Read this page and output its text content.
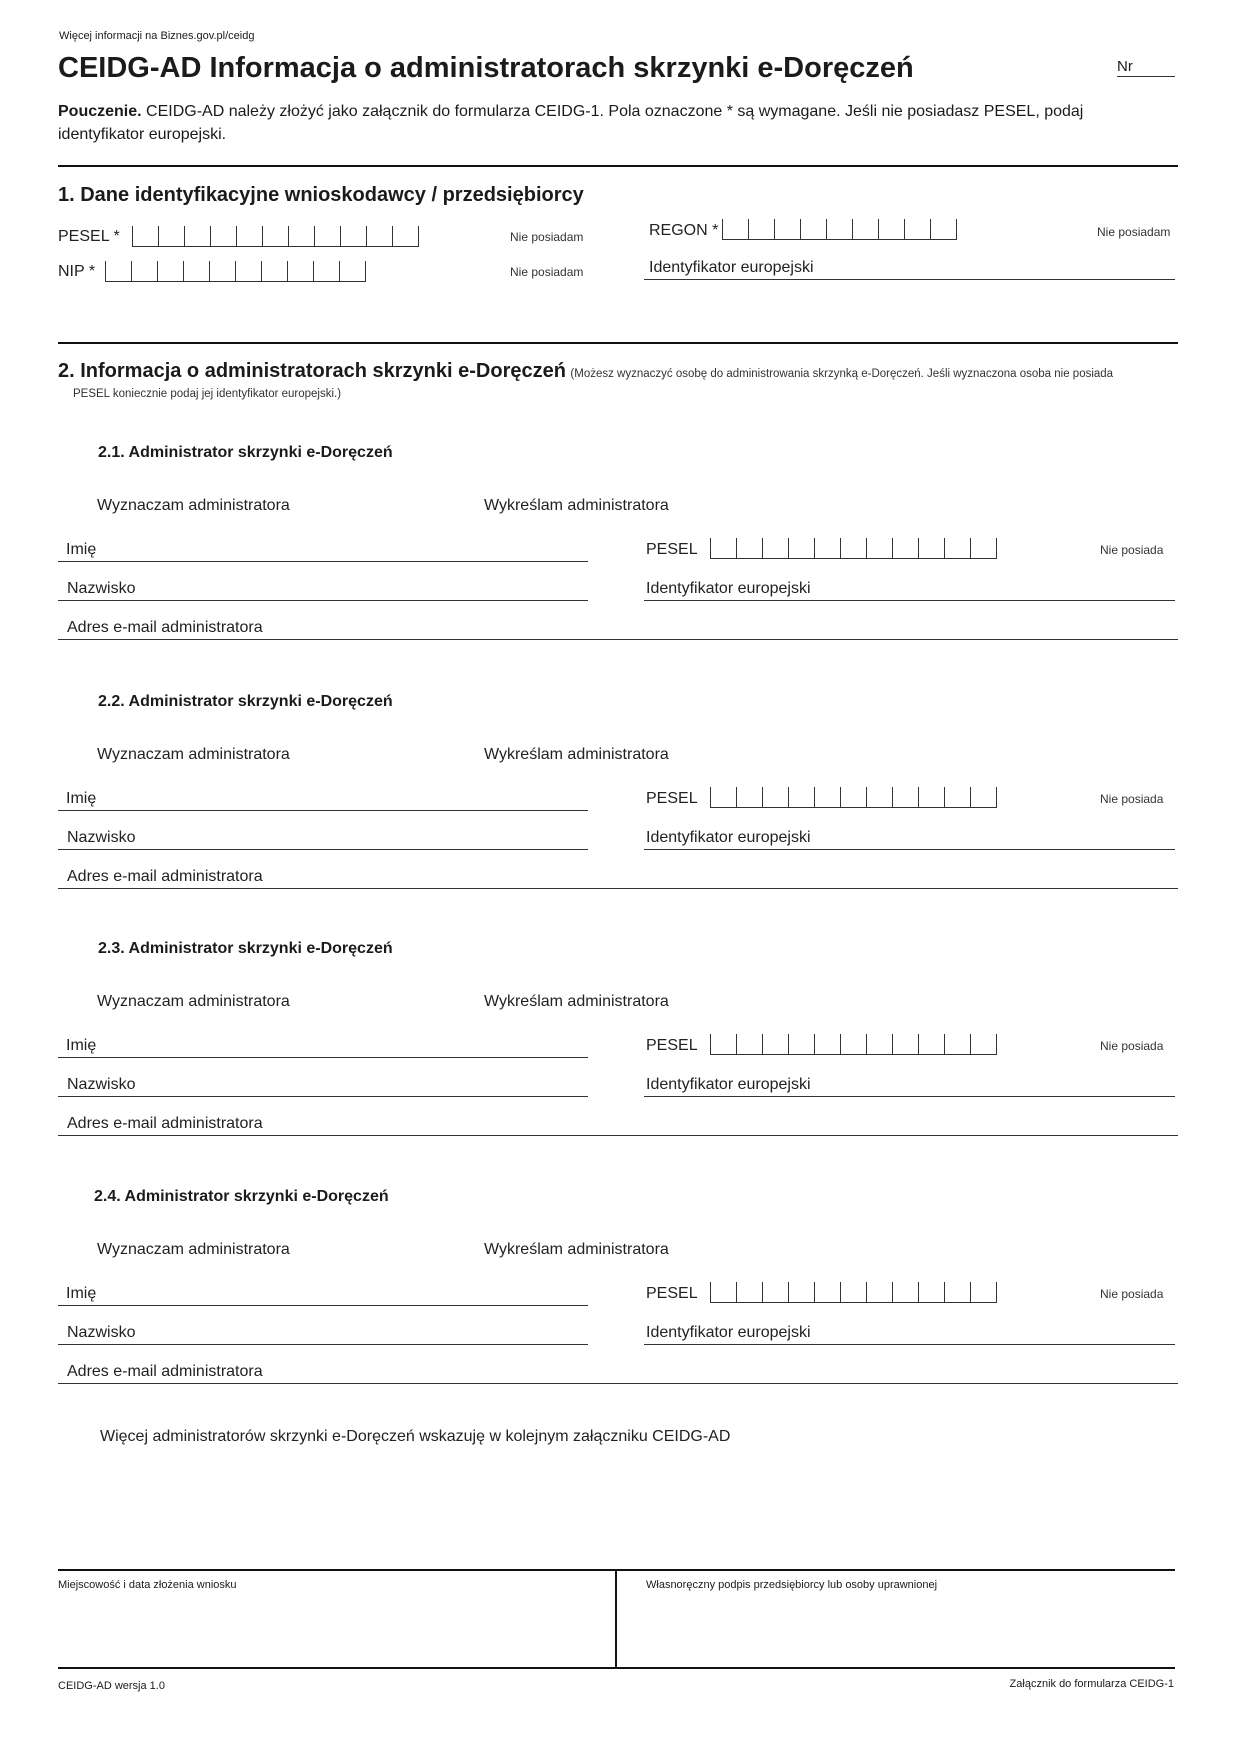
Więcej informacji na Biznes.gov.pl/ceidg
CEIDG-AD Informacja o administratorach skrzynki e-Doręczeń	Nr
Pouczenie. CEIDG-AD należy złożyć jako załącznik do formularza CEIDG-1. Pola oznaczone * są wymagane. Jeśli nie posiadasz PESEL, podaj
identyfikator europejski.
1. Dane identyfikacyjne wnioskodawcy / przedsiębiorcy
PESEL *	Nie posiadam
NIP *	Nie posiadam
REGON *	Nie posiadam
Identyfikator europejski
2. Informacja o administratorach skrzynki e-Doręczeń (Możesz wyznaczyć osobę do administrowania skrzynką e-Doręczeń. Jeśli wyznaczona osoba nie posiada
PESEL koniecznie podaj jej identyfikator europejski.)
2.1. Administrator skrzynki e-Doręczeń
Wyznaczam administratora	Wykreślam administratora
Imię	PESEL	Nie posiada
Nazwisko	Identyfikator europejski
Adres e-mail administratora
2.2. Administrator skrzynki e-Doręczeń
Wyznaczam administratora	Wykreślam administratora
Imię	PESEL	Nie posiada
Nazwisko	Identyfikator europejski
Adres e-mail administratora
2.3. Administrator skrzynki e-Doręczeń
Wyznaczam administratora	Wykreślam administratora
Imię	PESEL	Nie posiada
Nazwisko	Identyfikator europejski
Adres e-mail administratora
2.4. Administrator skrzynki e-Doręczeń
Wyznaczam administratora	Wykreślam administratora
Imię	PESEL	Nie posiada
Nazwisko	Identyfikator europejski
Adres e-mail administratora
Więcej administratorów skrzynki e-Doręczeń wskazuję w kolejnym załączniku CEIDG-AD
Miejscowość i data złożenia wniosku	Własnoręczny podpis przedsiębiorcy lub osoby uprawnionej
CEIDG-AD wersja 1.0	Załącznik do formularza CEIDG-1
